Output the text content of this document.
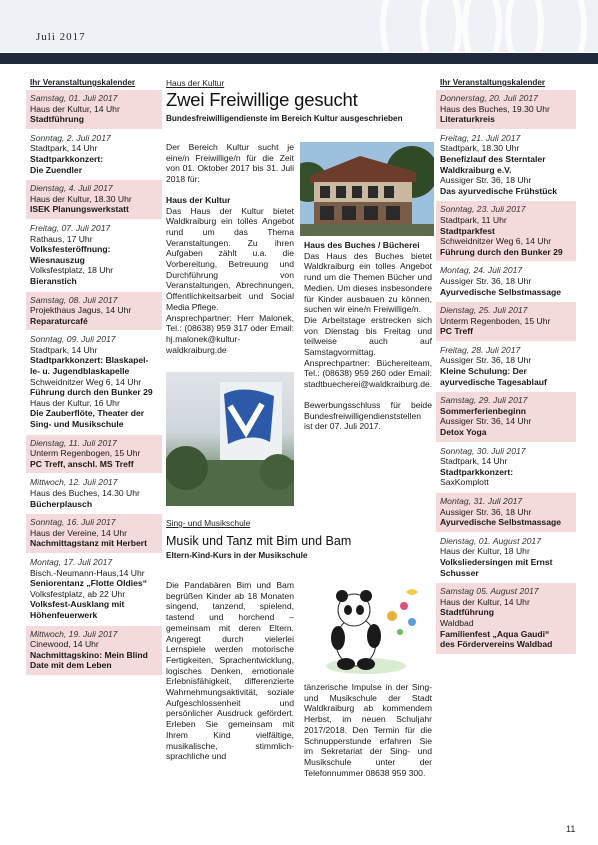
Juli 2017
Ihr Veranstaltungskalender
Samstag, 01. Juli 2017
Haus der Kultur, 14 Uhr
Stadtführung
Sonntag, 2. Juli 2017
Stadtpark, 14 Uhr
Stadtparkkonzert:
Die Zuendler
Dienstag, 4. Juli 2017
Haus der Kultur, 18.30 Uhr
ISEK Planungswerkstatt
Freitag, 07. Juli 2017
Rathaus, 17 Uhr
Volksfesteröffnung:
Wiesnauszug
Volksfestplatz, 18 Uhr
Bieranstich
Samstag, 08. Juli 2017
Projekthaus Jagus, 14 Uhr
Reparaturcafé
Sonntag, 09. Juli 2017
Stadtpark, 14 Uhr
Stadtparkkonzert: Blaskapel-
le- u. Jugendblaskapelle
Schweidnitzer Weg 6, 14 Uhr
Führung durch den Bunker 29
Haus der Kultur, 16 Uhr
Die Zauberflöte, Theater der
Sing- und Musikschule
Dienstag, 11. Juli 2017
Unterm Regenbogen, 15 Uhr
PC Treff, anschl. MS Treff
Mittwoch, 12. Juli 2017
Haus des Buches, 14.30 Uhr
Bücherplausch
Sonntag, 16. Juli 2017
Haus der Vereine, 14 Uhr
Nachmittagstanz mit Herbert
Montag, 17. Juli 2017
Bisch.-Neumann-Haus,14 Uhr
Seniorentanz „Flotte Oldies“
Volksfestplatz, ab 22 Uhr
Volksfest-Ausklang mit
Höhenfeuerwerk
Mittwoch, 19. Juli 2017
Cinewood, 14 Uhr
Nachmittagskino: Mein Blind
Date mit dem Leben
Ihr Veranstaltungskalender
Donnerstag, 20. Juli 2017
Haus des Buches, 19.30 Uhr
Literaturkreis
Freitag, 21. Juli 2017
Stadtpark, 18.30 Uhr
Benefizlauf des Sterntaler
Waldkraiburg e.V.
Aussiger Str. 36, 18 Uhr
Das ayurvedische Frühstück
Sonntag, 23. Juli 2017
Stadtpark, 11 Uhr
Stadtparkfest
Schweidnitzer Weg 6, 14 Uhr
Führung durch den Bunker 29
Montag, 24. Juli 2017
Aussiger Str. 36, 18 Uhr
Ayurvedische Selbstmassage
Dienstag, 25. Juli 2017
Unterm Regenboden, 15 Uhr
PC Treff
Freitag, 28. Juli 2017
Aussiger Str. 36, 18 Uhr
Kleine Schulung: Der
ayurvedische Tagesablauf
Samstag, 29. Juli 2017
Sommerferienbeginn
Aussiger Str. 36, 14 Uhr
Detox Yoga
Sonntag, 30. Juli 2017
Stadtpark, 14 Uhr
Stadtparkkonzert:
SaxKomplott
Montag, 31. Juli 2017
Aussiger Str. 36, 18 Uhr
Ayurvedische Selbstmassage
Dienstag, 01. August 2017
Haus der Kultur, 18 Uhr
Volksliedersingen mit Ernst
Schusser
Samstag 05. August 2017
Haus der Kultur, 14 Uhr
Stadtführung
Waldbad
Familienfest „Aqua Gaudi“
des Fördervereins Waldbad
Haus der Kultur
Zwei Freiwillige gesucht
Bundesfreiwilligendienste im Bereich Kultur ausgeschrieben

Der Bereich Kultur sucht je eine/n Freiwillige/n für die Zeit von 01. Oktober 2017 bis 31. Juli 2018 für:

Haus der Kultur

Das Haus der Kultur bietet Waldkraiburg ein tolles Angebot rund um das Thema Veranstaltungen. Zu ihren Aufgaben zählt u.a. die Vorbereitung, Betreuung und Durchführung von Veranstaltungen, Abrechnungen, Öffentlichkeitsarbeit und Social Media Pflege.

Ansprechpartner: Herr Malonek, Tel.: (08638) 959 317 oder Email: hj.malonek@kultur-waldkraiburg.de

Haus des Buches / Bücherei

Das Haus des Buches bietet Waldkraiburg ein tolles Angebot rund um die Themen Bücher und Medien. Um dieses insbesondere für Kinder ausbauen zu können, suchen wir eine/n Freiwillige/n.

Die Arbeitstage erstrecken sich von Dienstag bis Freitag und teilweise auch auf Samstagvormittag.

Ansprechpartner: Büchereiteam, Tel.: (08638) 959 260 oder Email: stadtbuecherei@waldkraiburg.de.

Bewerbungsschluss für beide Bundesfreiwilligendienststellen ist der 07. Juli 2017.

Sing- und Musikschule
Musik und Tanz mit Bim und Bam
Eltern-Kind-Kurs in der Musikschule

Die Pandabären Bim und Bam begrüßen Kinder ab 18 Monaten singend, tanzend, spielend, tastend und horchend – gemeinsam mit deren Eltern. Angeregt durch vielerlei Lernspiele werden motorische Fertigkeiten, Sprachentwicklung, logisches Denken, emotionale Erlebnisfähigkeit, differenzierte Wahrnehmungsaktivität, soziale Aufgeschlossenheit und persönlicher Ausdruck gefördert. Erleben Sie gemeinsam mit Ihrem Kind vielfältige, musikalische, stimmlich-sprachliche und

tänzerische Impulse in der Sing- und Musikschule der Stadt Waldkraiburg ab kommendem Herbst, im neuen Schuljahr 2017/2018. Den Termin für die Schnupperstunde erfahren Sie im Sekretariat der Sing- und Musikschule unter der Telefonnummer 08638 959 300.

11
